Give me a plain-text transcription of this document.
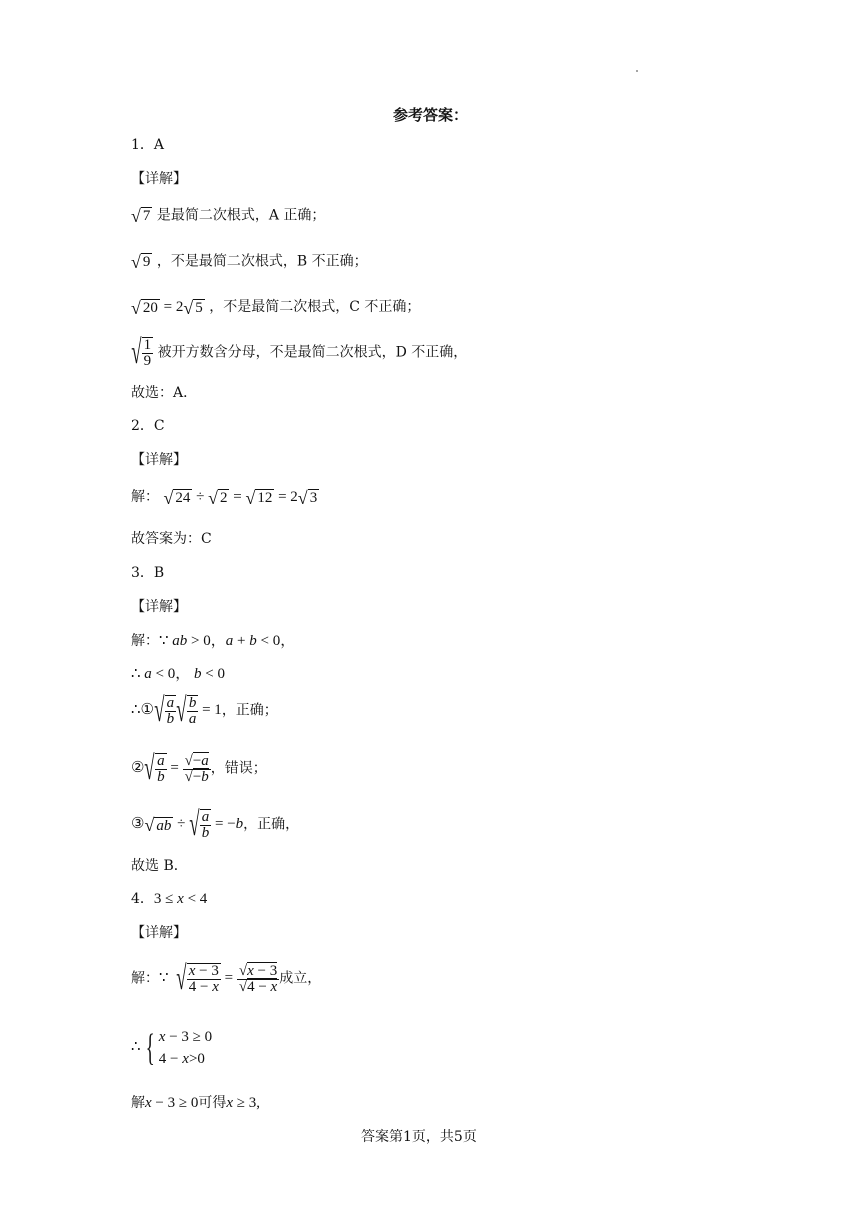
参考答案：
1．A
【详解】
√ 7 是最简二次根式，A 正确；
√ 9 ，不是最简二次根式，B 不正确；
√ 20 = 2√ 5 ，不是最简二次根式，C 不正确；
√ $\frac{1}{9}$ 被开方数含分母，不是最简二次根式，D 不正确，
故选：A．
2．C
【详解】
解： √ 24 ÷ √ 2 = √ 12 = 2√ 3
故答案为：C
3．B
【详解】
解：∵ ab > 0，a + b < 0，
∴ a < 0， b < 0
∴①√ $\frac{a}{b}$ √ $\frac{b}{a} = 1$，正确；
②√ $\frac{a}{b} = \frac{√-a}{√-b}$ ，错误；
③√ ab ÷ √ $\frac{a}{b} = -b$，正确，
故选 B．
4．3 ≤ x < 4
【详解】
解：∵  √ $\frac{x - 3}{4 - x} = \frac{√x - 3}{√4 - x}$ 成立，
∴ { x − 3 ≥ 0
4 − x>0
解x − 3 ≥ 0可得x ≥ 3,
答案第1页，共5页
